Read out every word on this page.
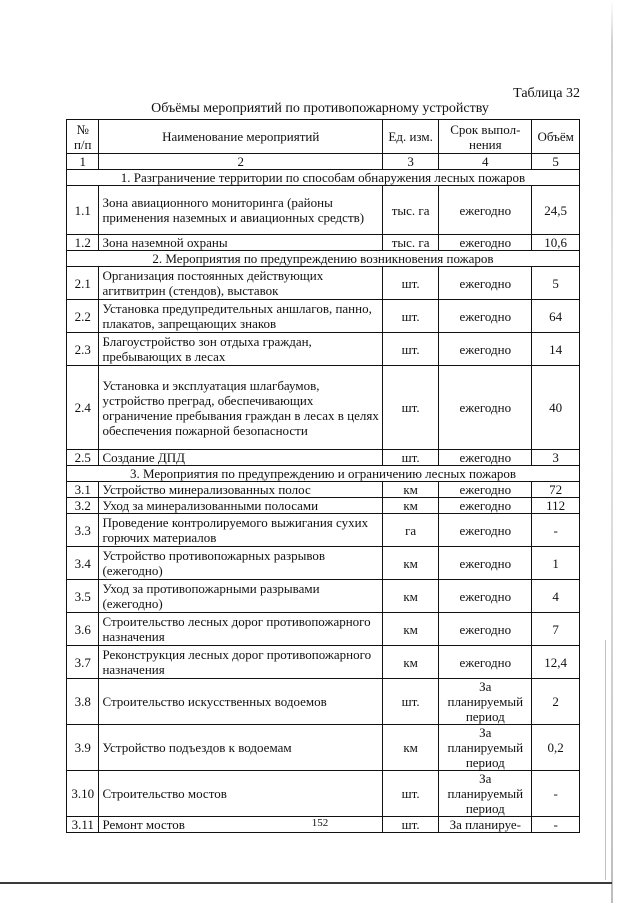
Таблица 32
Объёмы мероприятий по противопожарному устройству
№ п/п	Наименование мероприятий	Ед. изм.	Срок выпол-нения	Объём
1	2	3	4	5
1. Разграничение территории по способам обнаружения лесных пожаров				
1.1	Зона авиационного мониторинга (районы применения наземных и авиационных средств)	тыс. га	ежегодно	24,5
1.2	Зона наземной охраны	тыс. га	ежегодно	10,6
2. Мероприятия по предупреждению возникновения пожаров				
2.1	Организация постоянных действующих агитвитрин (стендов), выставок	шт.	ежегодно	5
2.2	Установка предупредительных аншлагов, панно, плакатов, запрещающих знаков	шт.	ежегодно	64
2.3	Благоустройство зон отдыха граждан, пребывающих в лесах	шт.	ежегодно	14
2.4	Установка и эксплуатация шлагбаумов, устройство преград, обеспечивающих ограничение пребывания граждан в лесах в целях обеспечения пожарной безопасности	шт.	ежегодно	40
2.5	Создание ДПД	шт.	ежегодно	3
3. Мероприятия по предупреждению и ограничению лесных пожаров				
3.1	Устройство минерализованных полос	км	ежегодно	72
3.2	Уход за минерализованными полосами	км	ежегодно	112
3.3	Проведение контролируемого выжигания сухих горючих материалов	га	ежегодно	-
3.4	Устройство противопожарных разрывов (ежегодно)	км	ежегодно	1
3.5	Уход за противопожарными разрывами (ежегодно)	км	ежегодно	4
3.6	Строительство лесных дорог противопожарного назначения	км	ежегодно	7
3.7	Реконструкция лесных дорог противопожарного назначения	км	ежегодно	12,4
3.8	Строительство искусственных водоемов	шт.	За планируемый период	2
3.9	Устройство подъездов к водоемам	км	За планируемый период	0,2
3.10	Строительство мостов	шт.	За планируемый период	-
3.11	Ремонт мостов	шт.	За планируе-	-
152
